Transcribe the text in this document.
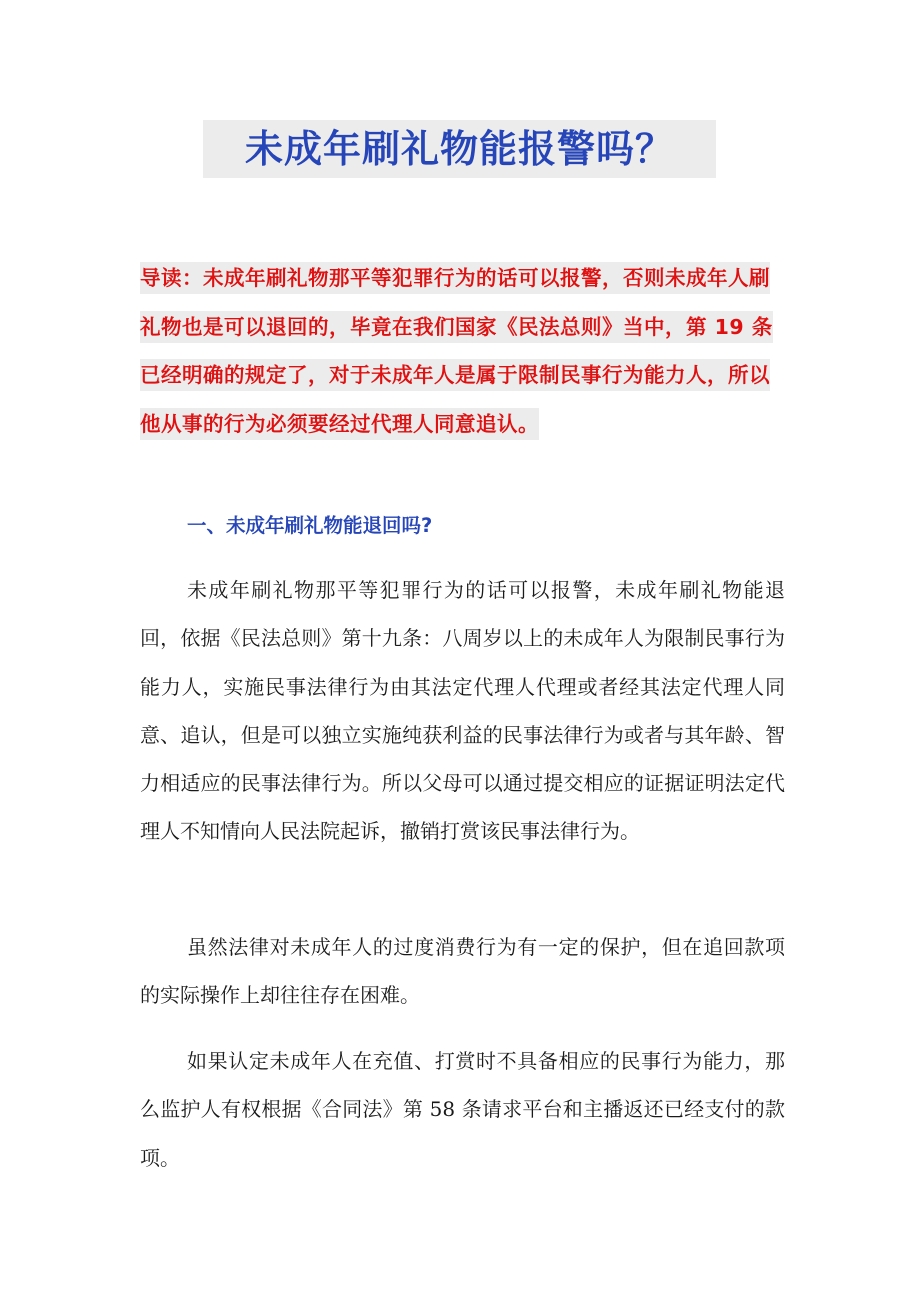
未成年刷礼物能报警吗？
导读：未成年刷礼物那平等犯罪行为的话可以报警，否则未成年人刷礼物也是可以退回的，毕竟在我们国家《民法总则》当中，第 19 条已经明确的规定了，对于未成年人是属于限制民事行为能力人，所以他从事的行为必须要经过代理人同意追认。
一、未成年刷礼物能退回吗?

未成年刷礼物那平等犯罪行为的话可以报警，未成年刷礼物能退回，依据《民法总则》第十九条：八周岁以上的未成年人为限制民事行为能力人，实施民事法律行为由其法定代理人代理或者经其法定代理人同意、追认，但是可以独立实施纯获利益的民事法律行为或者与其年龄、智力相适应的民事法律行为。所以父母可以通过提交相应的证据证明法定代理人不知情向人民法院起诉，撤销打赏该民事法律行为。

虽然法律对未成年人的过度消费行为有一定的保护，但在追回款项的实际操作上却往往存在困难。

如果认定未成年人在充值、打赏时不具备相应的民事行为能力，那么监护人有权根据《合同法》第 58 条请求平台和主播返还已经支付的款项。
